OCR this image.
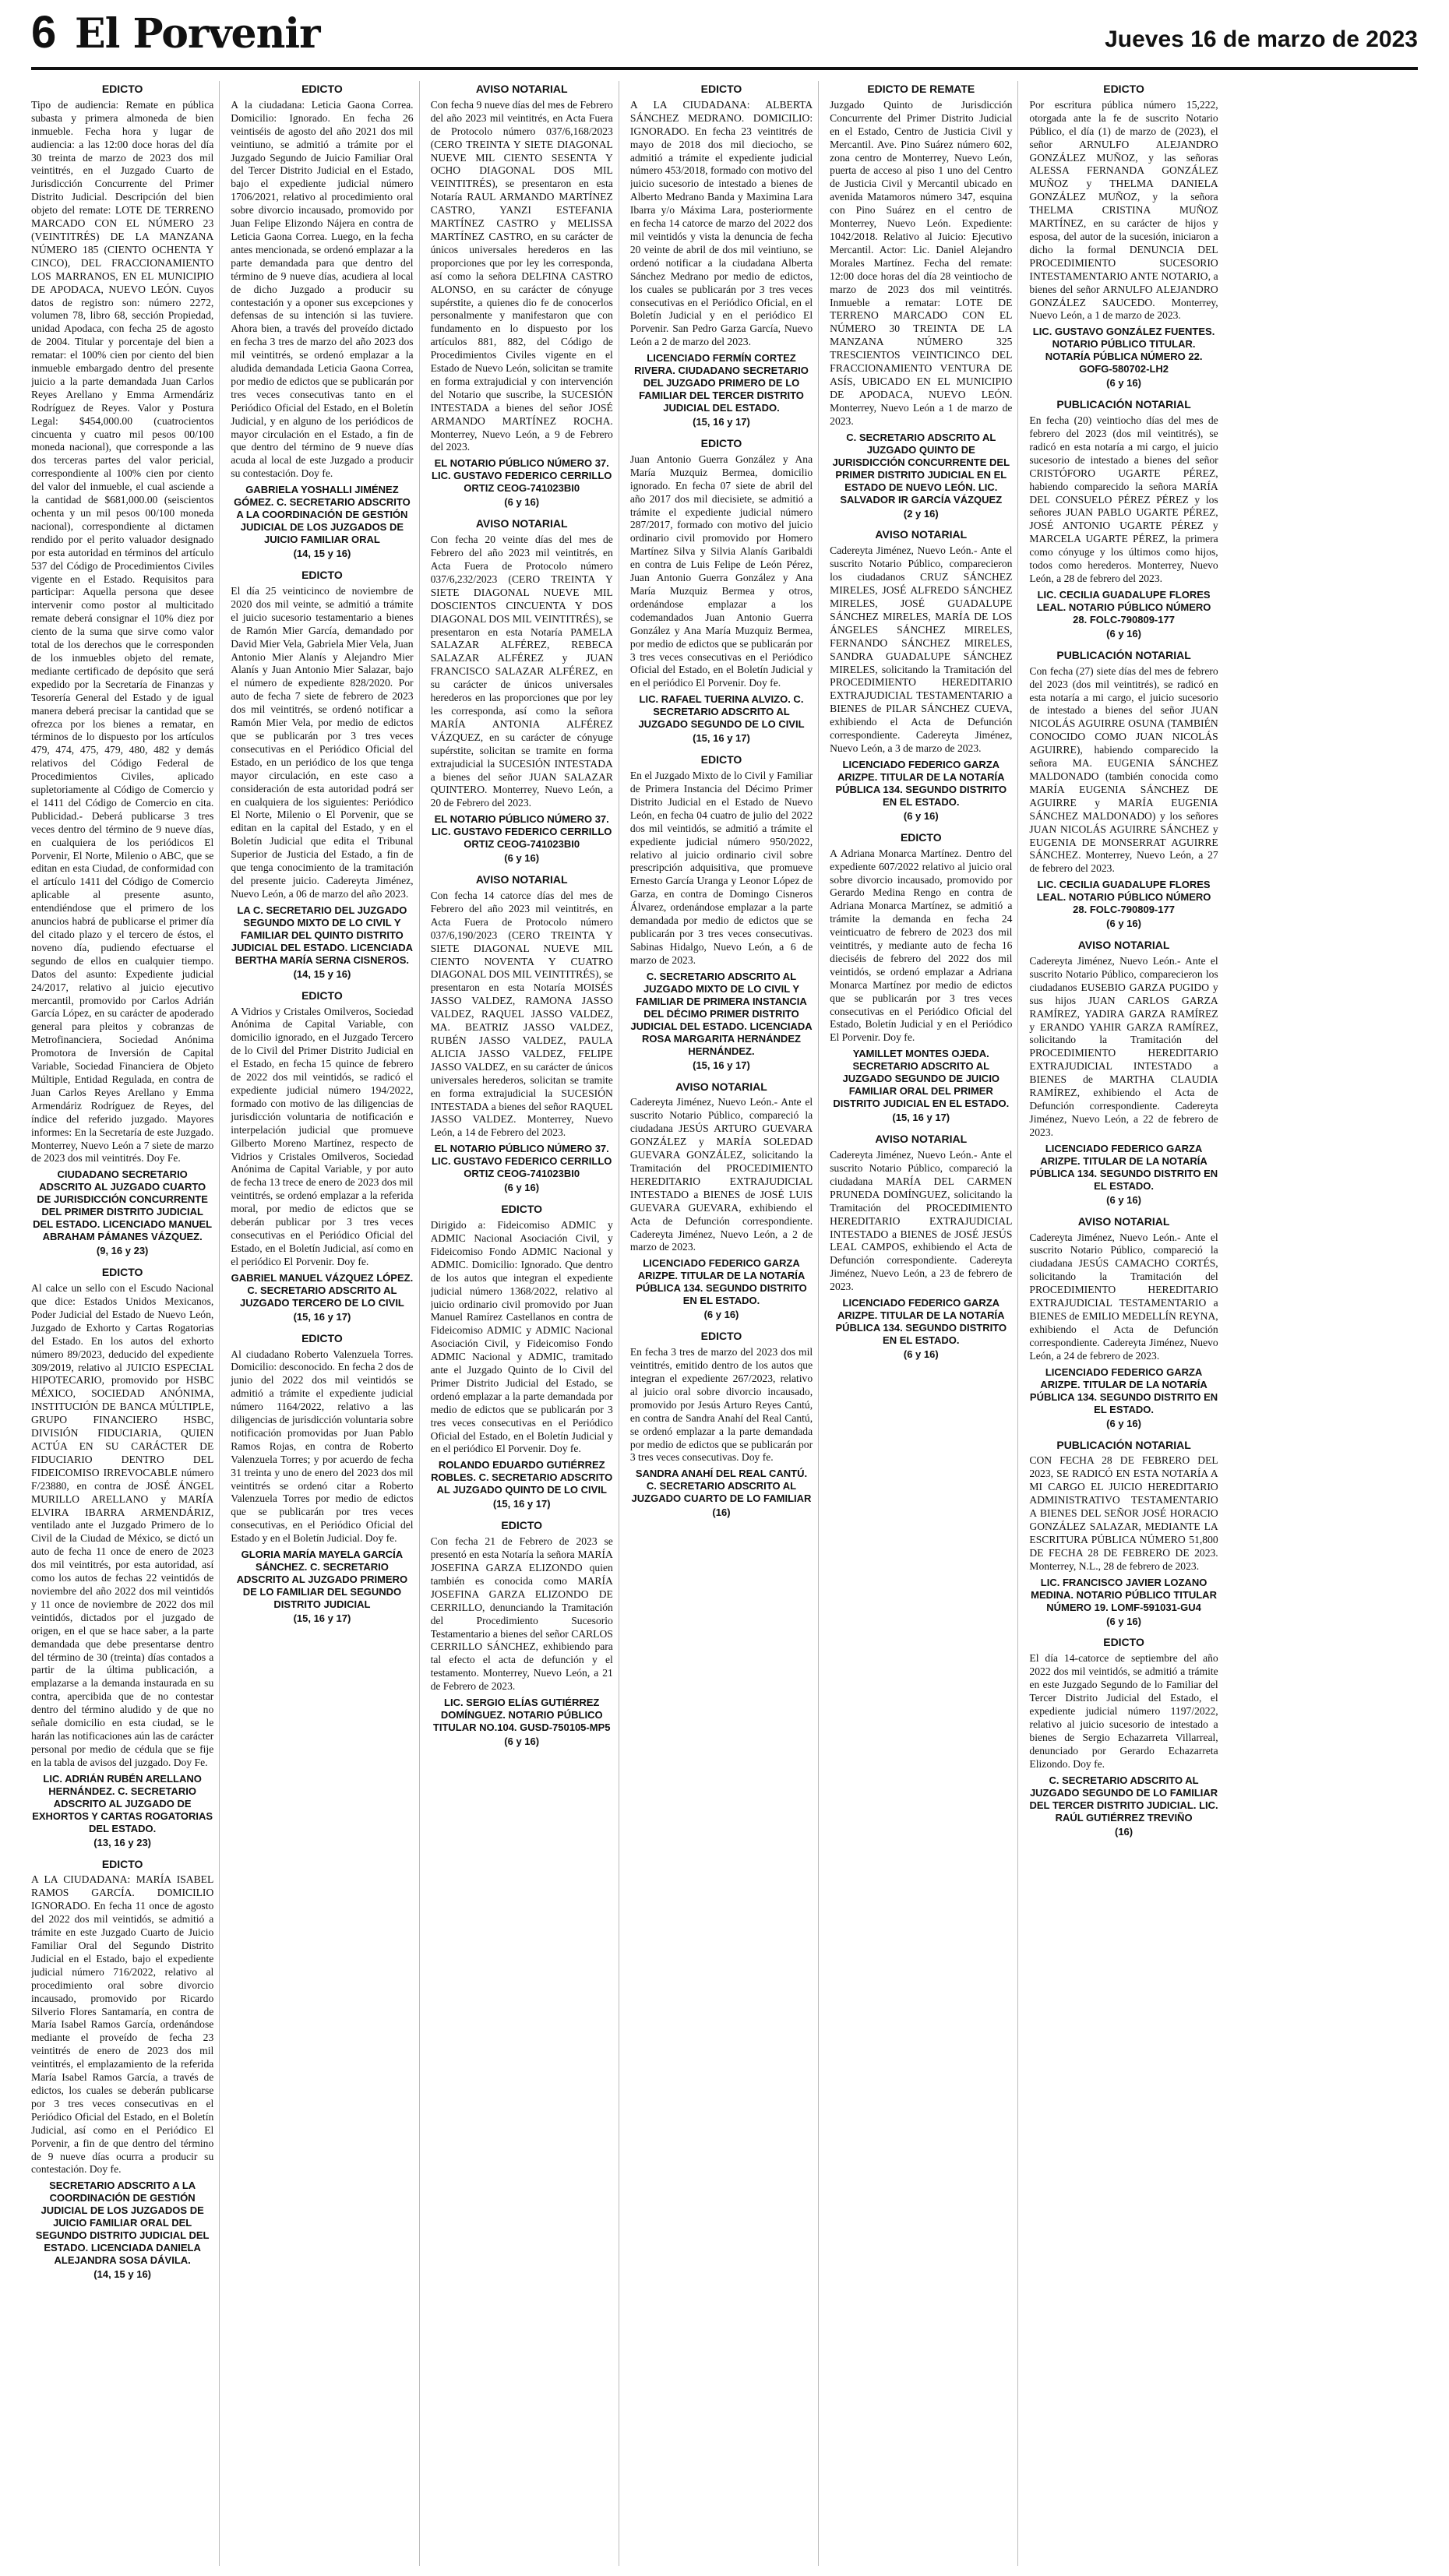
6 El Porvenir	Jueves 16 de marzo de 2023
EDICTO
Tipo de audiencia: Remate en pública subasta y primera almoneda de bien inmueble. Fecha hora y lugar de audiencia: a las 12:00 doce horas del día 30 treinta de marzo de 2023 dos mil veintitrés, en el Juzgado Cuarto de Jurisdicción Concurrente del Primer Distrito Judicial. Descripción del bien objeto del remate: LOTE DE TERRENO MARCADO CON EL NÚMERO 23 (VEINTITRÉS) DE LA MANZANA NÚMERO 185 (CIENTO OCHENTA Y CINCO), DEL FRACCIONAMIENTO LOS MARRANOS, EN EL MUNICIPIO DE APODACA, NUEVO LEÓN. Cuyos datos de registro son: número 2272, volumen 78, libro 68, sección Propiedad, unidad Apodaca, con fecha 25 de agosto de 2004. Titular y porcentaje del bien a rematar: el 100% cien por ciento del bien inmueble embargado dentro del presente juicio a la parte demandada Juan Carlos Reyes Arellano y Emma Armendáriz Rodríguez de Reyes. Valor y Postura Legal: $454,000.00 (cuatrocientos cincuenta y cuatro mil pesos 00/100 moneda nacional), que corresponde a las dos terceras partes del valor pericial, correspondiente al 100% cien por ciento del valor del inmueble, el cual asciende a la cantidad de $681,000.00 (seiscientos ochenta y un mil pesos 00/100 moneda nacional), correspondiente al dictamen rendido por el perito valuador designado por esta autoridad en términos del artículo 537 del Código de Procedimientos Civiles vigente en el Estado. Requisitos para participar: Aquella persona que desee intervenir como postor al multicitado remate deberá consignar el 10% diez por ciento de la suma que sirve como valor total de los derechos que le corresponden de los inmuebles objeto del remate, mediante certificado de depósito que será expedido por la Secretaría de Finanzas y Tesorería General del Estado y de igual manera deberá precisar la cantidad que se ofrezca por los bienes a rematar, en términos de lo dispuesto por los artículos 479, 474, 475, 479, 480, 482 y demás relativos del Código Federal de Procedimientos Civiles, aplicado supletoriamente al Código de Comercio y el 1411 del Código de Comercio en cita. Publicidad.- Deberá publicarse 3 tres veces dentro del término de 9 nueve días, en cualquiera de los periódicos El Porvenir, El Norte, Milenio o ABC, que se editan en esta Ciudad, de conformidad con el artículo 1411 del Código de Comercio aplicable al presente asunto, entendiéndose que el primero de los anuncios habrá de publicarse el primer día del citado plazo y el tercero de éstos, el noveno día, pudiendo efectuarse el segundo de ellos en cualquier tiempo. Datos del asunto: Expediente judicial 24/2017, relativo al juicio ejecutivo mercantil, promovido por Carlos Adrián García López, en su carácter de apoderado general para pleitos y cobranzas de Metrofinanciera, Sociedad Anónima Promotora de Inversión de Capital Variable, Sociedad Financiera de Objeto Múltiple, Entidad Regulada, en contra de Juan Carlos Reyes Arellano y Emma Armendáriz Rodríguez de Reyes, del índice del referido juzgado. Mayores informes: En la Secretaría de este Juzgado. Monterrey, Nuevo León a 7 siete de marzo de 2023 dos mil veintitrés. Doy Fe.
CIUDADANO SECRETARIO ADSCRITO AL JUZGADO CUARTO DE JURISDICCIÓN CONCURRENTE DEL PRIMER DISTRITO JUDICIAL DEL ESTADO. LICENCIADO MANUEL ABRAHAM PÁMANES VÁZQUEZ.
(9, 16 y 23)
EDICTO
Al calce un sello con el Escudo Nacional que dice: Estados Unidos Mexicanos, Poder Judicial del Estado de Nuevo León, Juzgado de Exhorto y Cartas Rogatorias del Estado. En los autos del exhorto número 89/2023, deducido del expediente 309/2019, relativo al JUICIO ESPECIAL HIPOTECARIO, promovido por HSBC MÉXICO, SOCIEDAD ANÓNIMA, INSTITUCIÓN DE BANCA MÚLTIPLE, GRUPO FINANCIERO HSBC, DIVISIÓN FIDUCIARIA, QUIEN ACTÚA EN SU CARÁCTER DE FIDUCIARIO DENTRO DEL FIDEICOMISO IRREVOCABLE número F/23880, en contra de JOSÉ ÁNGEL MURILLO ARELLANO y MARÍA ELVIRA IBARRA ARMENDÁRIZ, ventilado ante el Juzgado Primero de lo Civil de la Ciudad de México, se dictó un auto de fecha 11 once de enero de 2023 dos mil veintitrés, por esta autoridad, así como los autos de fechas 22 veintidós de noviembre del año 2022 dos mil veintidós y 11 once de noviembre de 2022 dos mil veintidós, dictados por el juzgado de origen, en el que se hace saber, a la parte demandada que debe presentarse dentro del término de 30 (treinta) días contados a partir de la última publicación, a emplazarse a la demanda instaurada en su contra, apercibida que de no contestar dentro del término aludido y de que no señale domicilio en esta ciudad, se le harán las notificaciones aún las de carácter personal por medio de cédula que se fije en la tabla de avisos del juzgado. Doy Fe.
LIC. ADRIÁN RUBÉN ARELLANO HERNÁNDEZ. C. SECRETARIO ADSCRITO AL JUZGADO DE EXHORTOS Y CARTAS ROGATORIAS DEL ESTADO.
(13, 16 y 23)
EDICTO
A LA CIUDADANA: MARÍA ISABEL RAMOS GARCÍA. DOMICILIO IGNORADO. En fecha 11 once de agosto del 2022 dos mil veintidós, se admitió a trámite en este Juzgado Cuarto de Juicio Familiar Oral del Segundo Distrito Judicial en el Estado, bajo el expediente judicial número 716/2022, relativo al procedimiento oral sobre divorcio incausado, promovido por Ricardo Silverio Flores Santamaría, en contra de María Isabel Ramos García, ordenándose mediante el proveído de fecha 23 veintitrés de enero de 2023 dos mil veintitrés, el emplazamiento de la referida María Isabel Ramos García, a través de edictos, los cuales se deberán publicarse por 3 tres veces consecutivas en el Periódico Oficial del Estado, en el Boletín Judicial, así como en el Periódico El Porvenir, a fin de que dentro del término de 9 nueve días ocurra a producir su contestación. Doy fe.
SECRETARIO ADSCRITO A LA COORDINACIÓN DE GESTIÓN JUDICIAL DE LOS JUZGADOS DE JUICIO FAMILIAR ORAL DEL SEGUNDO DISTRITO JUDICIAL DEL ESTADO. LICENCIADA DANIELA ALEJANDRA SOSA DÁVILA.
(14, 15 y 16)
EDICTO
A la ciudadana: Leticia Gaona Correa. Domicilio: Ignorado. En fecha 26 veintiséis de agosto del año 2021 dos mil veintiuno, se admitió a trámite por el Juzgado Segundo de Juicio Familiar Oral del Tercer Distrito Judicial en el Estado, bajo el expediente judicial número 1706/2021, relativo al procedimiento oral sobre divorcio incausado, promovido por Juan Felipe Elizondo Nájera en contra de Leticia Gaona Correa. Luego, en la fecha antes mencionada, se ordenó emplazar a la parte demandada para que dentro del término de 9 nueve días, acudiera al local de dicho Juzgado a producir su contestación y a oponer sus excepciones y defensas de su intención si las tuviere. Ahora bien, a través del proveído dictado en fecha 3 tres de marzo del año 2023 dos mil veintitrés, se ordenó emplazar a la aludida demandada Leticia Gaona Correa, por medio de edictos que se publicarán por tres veces consecutivas tanto en el Periódico Oficial del Estado, en el Boletín Judicial, y en alguno de los periódicos de mayor circulación en el Estado, a fin de que dentro del término de 9 nueve días acuda al local de este Juzgado a producir su contestación. Doy fe.
GABRIELA YOSHALLI JIMÉNEZ GÓMEZ. C. SECRETARIO ADSCRITO A LA COORDINACIÓN DE GESTIÓN JUDICIAL DE LOS JUZGADOS DE JUICIO FAMILIAR ORAL
(14, 15 y 16)
EDICTO
El día 25 veinticinco de noviembre de 2020 dos mil veinte, se admitió a trámite el juicio sucesorio testamentario a bienes de Ramón Mier García, demandado por David Mier Vela, Gabriela Mier Vela, Juan Antonio Mier Alanís y Alejandro Mier Alanís y Juan Antonio Mier Salazar, bajo el número de expediente 828/2020. Por auto de fecha 7 siete de febrero de 2023 dos mil veintitrés, se ordenó notificar a Ramón Mier Vela, por medio de edictos que se publicarán por 3 tres veces consecutivas en el Periódico Oficial del Estado, en un periódico de los que tenga mayor circulación, en este caso a consideración de esta autoridad podrá ser en cualquiera de los siguientes: Periódico El Norte, Milenio o El Porvenir, que se editan en la capital del Estado, y en el Boletín Judicial que edita el Tribunal Superior de Justicia del Estado, a fin de que tenga conocimiento de la tramitación del presente juicio. Cadereyta Jiménez, Nuevo León, a 06 de marzo del año 2023.
LA C. SECRETARIO DEL JUZGADO SEGUNDO MIXTO DE LO CIVIL Y FAMILIAR DEL QUINTO DISTRITO JUDICIAL DEL ESTADO. LICENCIADA BERTHA MARÍA SERNA CISNEROS.
(14, 15 y 16)
EDICTO
A Vidrios y Cristales Omilveros, Sociedad Anónima de Capital Variable, con domicilio ignorado, en el Juzgado Tercero de lo Civil del Primer Distrito Judicial en el Estado, en fecha 15 quince de febrero de 2022 dos mil veintidós, se radicó el expediente judicial número 194/2022, formado con motivo de las diligencias de jurisdicción voluntaria de notificación e interpelación judicial que promueve Gilberto Moreno Martínez, respecto de Vidrios y Cristales Omilveros, Sociedad Anónima de Capital Variable, y por auto de fecha 13 trece de enero de 2023 dos mil veintitrés, se ordenó emplazar a la referida moral, por medio de edictos que se deberán publicar por 3 tres veces consecutivas en el Periódico Oficial del Estado, en el Boletín Judicial, así como en el periódico El Porvenir. Doy fe.
GABRIEL MANUEL VÁZQUEZ LÓPEZ. C. SECRETARIO ADSCRITO AL JUZGADO TERCERO DE LO CIVIL
(15, 16 y 17)
EDICTO
Al ciudadano Roberto Valenzuela Torres. Domicilio: desconocido. En fecha 2 dos de junio del 2022 dos mil veintidós se admitió a trámite el expediente judicial número 1164/2022, relativo a las diligencias de jurisdicción voluntaria sobre notificación promovidas por Juan Pablo Ramos Rojas, en contra de Roberto Valenzuela Torres; y por acuerdo de fecha 31 treinta y uno de enero del 2023 dos mil veintitrés se ordenó citar a Roberto Valenzuela Torres por medio de edictos que se publicarán por tres veces consecutivas, en el Periódico Oficial del Estado y en el Boletín Judicial. Doy fe.
GLORIA MARÍA MAYELA GARCÍA SÁNCHEZ. C. SECRETARIO ADSCRITO AL JUZGADO PRIMERO DE LO FAMILIAR DEL SEGUNDO DISTRITO JUDICIAL
(15, 16 y 17)
AVISO NOTARIAL
Con fecha 9 nueve días del mes de Febrero del año 2023 mil veintitrés, en Acta Fuera de Protocolo número 037/6,168/2023 (CERO TREINTA Y SIETE DIAGONAL NUEVE MIL CIENTO SESENTA Y OCHO DIAGONAL DOS MIL VEINTITRÉS), se presentaron en esta Notaría RAUL ARMANDO MARTÍNEZ CASTRO, YANZI ESTEFANIA MARTÍNEZ CASTRO y MELISSA MARTÍNEZ CASTRO, en su carácter de únicos universales herederos en las proporciones que por ley les corresponda, así como la señora DELFINA CASTRO ALONSO, en su carácter de cónyuge supérstite, a quienes dio fe de conocerlos personalmente y manifestaron que con fundamento en lo dispuesto por los artículos 881, 882, del Código de Procedimientos Civiles vigente en el Estado de Nuevo León, solicitan se tramite en forma extrajudicial y con intervención del Notario que suscribe, la SUCESIÓN INTESTADA a bienes del señor JOSÉ ARMANDO MARTÍNEZ ROCHA. Monterrey, Nuevo León, a 9 de Febrero del 2023.
EL NOTARIO PÚBLICO NÚMERO 37. LIC. GUSTAVO FEDERICO CERRILLO ORTIZ CEOG-741023BI0
(6 y 16)
AVISO NOTARIAL
Con fecha 20 veinte días del mes de Febrero del año 2023 mil veintitrés, en Acta Fuera de Protocolo número 037/6,232/2023 (CERO TREINTA Y SIETE DIAGONAL NUEVE MIL DOSCIENTOS CINCUENTA Y DOS DIAGONAL DOS MIL VEINTITRÉS), se presentaron en esta Notaría PAMELA SALAZAR ALFÉREZ, REBECA SALAZAR ALFÉREZ y JUAN FRANCISCO SALAZAR ALFÉREZ, en su carácter de únicos universales herederos en las proporciones que por ley les corresponda, así como la señora MARÍA ANTONIA ALFÉREZ VÁZQUEZ, en su carácter de cónyuge supérstite, solicitan se tramite en forma extrajudicial la SUCESIÓN INTESTADA a bienes del señor JUAN SALAZAR QUINTERO. Monterrey, Nuevo León, a 20 de Febrero del 2023.
EL NOTARIO PÚBLICO NÚMERO 37. LIC. GUSTAVO FEDERICO CERRILLO ORTIZ CEOG-741023BI0
(6 y 16)
AVISO NOTARIAL
Con fecha 14 catorce días del mes de Febrero del año 2023 mil veintitrés, en Acta Fuera de Protocolo número 037/6,190/2023 (CERO TREINTA Y SIETE DIAGONAL NUEVE MIL CIENTO NOVENTA Y CUATRO DIAGONAL DOS MIL VEINTITRÉS), se presentaron en esta Notaría MOISÉS JASSO VALDEZ, RAMONA JASSO VALDEZ, RAQUEL JASSO VALDEZ, MA. BEATRIZ JASSO VALDEZ, RUBÉN JASSO VALDEZ, PAULA ALICIA JASSO VALDEZ, FELIPE JASSO VALDEZ, en su carácter de únicos universales herederos, solicitan se tramite en forma extrajudicial la SUCESIÓN INTESTADA a bienes del señor RAQUEL JASSO VALDEZ. Monterrey, Nuevo León, a 14 de Febrero del 2023.
EL NOTARIO PÚBLICO NÚMERO 37. LIC. GUSTAVO FEDERICO CERRILLO ORTIZ CEOG-741023BI0
(6 y 16)
EDICTO
Dirigido a: Fideicomiso ADMIC y ADMIC Nacional Asociación Civil, y Fideicomiso Fondo ADMIC Nacional y ADMIC. Domicilio: Ignorado. Que dentro de los autos que integran el expediente judicial número 1368/2022, relativo al juicio ordinario civil promovido por Juan Manuel Ramírez Castellanos en contra de Fideicomiso ADMIC y ADMIC Nacional Asociación Civil, y Fideicomiso Fondo ADMIC Nacional y ADMIC, tramitado ante el Juzgado Quinto de lo Civil del Primer Distrito Judicial del Estado, se ordenó emplazar a la parte demandada por medio de edictos que se publicarán por 3 tres veces consecutivas en el Periódico Oficial del Estado, en el Boletín Judicial y en el periódico El Porvenir. Doy fe.
ROLANDO EDUARDO GUTIÉRREZ ROBLES. C. SECRETARIO ADSCRITO AL JUZGADO QUINTO DE LO CIVIL
(15, 16 y 17)
EDICTO
Con fecha 21 de Febrero de 2023 se presentó en esta Notaría la señora MARÍA JOSEFINA GARZA ELIZONDO quien también es conocida como MARÍA JOSEFINA GARZA ELIZONDO DE CERRILLO, denunciando la Tramitación del Procedimiento Sucesorio Testamentario a bienes del señor CARLOS CERRILLO SÁNCHEZ, exhibiendo para tal efecto el acta de defunción y el testamento. Monterrey, Nuevo León, a 21 de Febrero de 2023.
LIC. SERGIO ELÍAS GUTIÉRREZ DOMÍNGUEZ. NOTARIO PÚBLICO TITULAR NO.104. GUSD-750105-MP5
(6 y 16)
EDICTO
A LA CIUDADANA: ALBERTA SÁNCHEZ MEDRANO. DOMICILIO: IGNORADO. En fecha 23 veintitrés de mayo de 2018 dos mil dieciocho, se admitió a trámite el expediente judicial número 453/2018, formado con motivo del juicio sucesorio de intestado a bienes de Alberto Medrano Banda y Maximina Lara Ibarra y/o Máxima Lara, posteriormente en fecha 14 catorce de marzo del 2022 dos mil veintidós y vista la denuncia de fecha 20 veinte de abril de dos mil veintiuno, se ordenó notificar a la ciudadana Alberta Sánchez Medrano por medio de edictos, los cuales se publicarán por 3 tres veces consecutivas en el Periódico Oficial, en el Boletín Judicial y en el periódico El Porvenir. San Pedro Garza García, Nuevo León a 2 de marzo del 2023.
LICENCIADO FERMÍN CORTEZ RIVERA. CIUDADANO SECRETARIO DEL JUZGADO PRIMERO DE LO FAMILIAR DEL TERCER DISTRITO JUDICIAL DEL ESTADO.
(15, 16 y 17)
EDICTO
Juan Antonio Guerra González y Ana María Muzquiz Bermea, domicilio ignorado. En fecha 07 siete de abril del año 2017 dos mil diecisiete, se admitió a trámite el expediente judicial número 287/2017, formado con motivo del juicio ordinario civil promovido por Homero Martínez Silva y Silvia Alanís Garibaldi en contra de Luis Felipe de León Pérez, Juan Antonio Guerra González y Ana María Muzquiz Bermea y otros, ordenándose emplazar a los codemandados Juan Antonio Guerra González y Ana María Muzquiz Bermea, por medio de edictos que se publicarán por 3 tres veces consecutivas en el Periódico Oficial del Estado, en el Boletín Judicial y en el periódico El Porvenir. Doy fe.
LIC. RAFAEL TUERINA ALVIZO. C. SECRETARIO ADSCRITO AL JUZGADO SEGUNDO DE LO CIVIL
(15, 16 y 17)
EDICTO
En el Juzgado Mixto de lo Civil y Familiar de Primera Instancia del Décimo Primer Distrito Judicial en el Estado de Nuevo León, en fecha 04 cuatro de julio del 2022 dos mil veintidós, se admitió a trámite el expediente judicial número 950/2022, relativo al juicio ordinario civil sobre prescripción adquisitiva, que promueve Ernesto García Uranga y Leonor López de Garza, en contra de Domingo Cisneros Álvarez, ordenándose emplazar a la parte demandada por medio de edictos que se publicarán por 3 tres veces consecutivas. Sabinas Hidalgo, Nuevo León, a 6 de marzo de 2023.
C. SECRETARIO ADSCRITO AL JUZGADO MIXTO DE LO CIVIL Y FAMILIAR DE PRIMERA INSTANCIA DEL DÉCIMO PRIMER DISTRITO JUDICIAL DEL ESTADO. LICENCIADA ROSA MARGARITA HERNÁNDEZ HERNÁNDEZ.
(15, 16 y 17)
AVISO NOTARIAL
Cadereyta Jiménez, Nuevo León.- Ante el suscrito Notario Público, compareció la ciudadana JESÚS ARTURO GUEVARA GONZÁLEZ y MARÍA SOLEDAD GUEVARA GONZÁLEZ, solicitando la Tramitación del PROCEDIMIENTO HEREDITARIO EXTRAJUDICIAL INTESTADO a BIENES de JOSÉ LUIS GUEVARA GUEVARA, exhibiendo el Acta de Defunción correspondiente. Cadereyta Jiménez, Nuevo León, a 2 de marzo de 2023.
LICENCIADO FEDERICO GARZA ARIZPE. TITULAR DE LA NOTARÍA PÚBLICA 134. SEGUNDO DISTRITO EN EL ESTADO.
(6 y 16)
EDICTO
En fecha 3 tres de marzo del 2023 dos mil veintitrés, emitido dentro de los autos que integran el expediente 267/2023, relativo al juicio oral sobre divorcio incausado, promovido por Jesús Arturo Reyes Cantú, en contra de Sandra Anahí del Real Cantú, se ordenó emplazar a la parte demandada por medio de edictos que se publicarán por 3 tres veces consecutivas. Doy fe.
SANDRA ANAHÍ DEL REAL CANTÚ. C. SECRETARIO ADSCRITO AL JUZGADO CUARTO DE LO FAMILIAR
(16)
EDICTO DE REMATE
Juzgado Quinto de Jurisdicción Concurrente del Primer Distrito Judicial en el Estado, Centro de Justicia Civil y Mercantil. Ave. Pino Suárez número 602, zona centro de Monterrey, Nuevo León, puerta de acceso al piso 1 uno del Centro de Justicia Civil y Mercantil ubicado en avenida Matamoros número 347, esquina con Pino Suárez en el centro de Monterrey, Nuevo León. Expediente: 1042/2018. Relativo al Juicio: Ejecutivo Mercantil. Actor: Lic. Daniel Alejandro Morales Martínez. Fecha del remate: 12:00 doce horas del día 28 veintiocho de marzo de 2023 dos mil veintitrés. Inmueble a rematar: LOTE DE TERRENO MARCADO CON EL NÚMERO 30 TREINTA DE LA MANZANA NÚMERO 325 TRESCIENTOS VEINTICINCO DEL FRACCIONAMIENTO VENTURA DE ASÍS, UBICADO EN EL MUNICIPIO DE APODACA, NUEVO LEÓN. Monterrey, Nuevo León a 1 de marzo de 2023.
C. SECRETARIO ADSCRITO AL JUZGADO QUINTO DE JURISDICCIÓN CONCURRENTE DEL PRIMER DISTRITO JUDICIAL EN EL ESTADO DE NUEVO LEÓN. LIC. SALVADOR IR GARCÍA VÁZQUEZ
(2 y 16)
AVISO NOTARIAL
Cadereyta Jiménez, Nuevo León.- Ante el suscrito Notario Público, comparecieron los ciudadanos CRUZ SÁNCHEZ MIRELES, JOSÉ ALFREDO SÁNCHEZ MIRELES, JOSÉ GUADALUPE SÁNCHEZ MIRELES, MARÍA DE LOS ÁNGELES SÁNCHEZ MIRELES, FERNANDO SÁNCHEZ MIRELES, SANDRA GUADALUPE SÁNCHEZ MIRELES, solicitando la Tramitación del PROCEDIMIENTO HEREDITARIO EXTRAJUDICIAL TESTAMENTARIO a BIENES de PILAR SÁNCHEZ CUEVA, exhibiendo el Acta de Defunción correspondiente. Cadereyta Jiménez, Nuevo León, a 3 de marzo de 2023.
LICENCIADO FEDERICO GARZA ARIZPE. TITULAR DE LA NOTARÍA PÚBLICA 134. SEGUNDO DISTRITO EN EL ESTADO.
(6 y 16)
EDICTO
A Adriana Monarca Martínez. Dentro del expediente 607/2022 relativo al juicio oral sobre divorcio incausado, promovido por Gerardo Medina Rengo en contra de Adriana Monarca Martínez, se admitió a trámite la demanda en fecha 24 veinticuatro de febrero de 2023 dos mil veintitrés, y mediante auto de fecha 16 dieciséis de febrero del 2022 dos mil veintidós, se ordenó emplazar a Adriana Monarca Martínez por medio de edictos que se publicarán por 3 tres veces consecutivas en el Periódico Oficial del Estado, Boletín Judicial y en el Periódico El Porvenir. Doy fe.
YAMILLET MONTES OJEDA. SECRETARIO ADSCRITO AL JUZGADO SEGUNDO DE JUICIO FAMILIAR ORAL DEL PRIMER DISTRITO JUDICIAL EN EL ESTADO.
(15, 16 y 17)
AVISO NOTARIAL
Cadereyta Jiménez, Nuevo León.- Ante el suscrito Notario Público, compareció la ciudadana MARÍA DEL CARMEN PRUNEDA DOMÍNGUEZ, solicitando la Tramitación del PROCEDIMIENTO HEREDITARIO EXTRAJUDICIAL INTESTADO a BIENES de JOSÉ JESÚS LEAL CAMPOS, exhibiendo el Acta de Defunción correspondiente. Cadereyta Jiménez, Nuevo León, a 23 de febrero de 2023.
LICENCIADO FEDERICO GARZA ARIZPE. TITULAR DE LA NOTARÍA PÚBLICA 134. SEGUNDO DISTRITO EN EL ESTADO.
(6 y 16)
EDICTO
Por escritura pública número 15,222, otorgada ante la fe de suscrito Notario Público, el día (1) de marzo de (2023), el señor ARNULFO ALEJANDRO GONZÁLEZ MUÑOZ, y las señoras ALESSA FERNANDA GONZÁLEZ MUÑOZ y THELMA DANIELA GONZÁLEZ MUÑOZ, y la señora THELMA CRISTINA MUÑOZ MARTÍNEZ, en su carácter de hijos y esposa, del autor de la sucesión, iniciaron a dicho la formal DENUNCIA DEL PROCEDIMIENTO SUCESORIO INTESTAMENTARIO ANTE NOTARIO, a bienes del señor ARNULFO ALEJANDRO GONZÁLEZ SAUCEDO. Monterrey, Nuevo León, a 1 de marzo de 2023.
LIC. GUSTAVO GONZÁLEZ FUENTES. NOTARIO PÚBLICO TITULAR. NOTARÍA PÚBLICA NÚMERO 22. GOFG-580702-LH2
(6 y 16)
PUBLICACIÓN NOTARIAL
En fecha (20) veintiocho días del mes de febrero del 2023 (dos mil veintitrés), se radicó en esta notaría a mi cargo, el juicio sucesorio de intestado a bienes del señor CRISTÓFORO UGARTE PÉREZ, habiendo comparecido la señora MARÍA DEL CONSUELO PÉREZ PÉREZ y los señores JUAN PABLO UGARTE PÉREZ, JOSÉ ANTONIO UGARTE PÉREZ y MARCELA UGARTE PÉREZ, la primera como cónyuge y los últimos como hijos, todos como herederos. Monterrey, Nuevo León, a 28 de febrero del 2023.
LIC. CECILIA GUADALUPE FLORES LEAL. NOTARIO PÚBLICO NÚMERO 28. FOLC-790809-177
(6 y 16)
PUBLICACIÓN NOTARIAL
Con fecha (27) siete días del mes de febrero del 2023 (dos mil veintitrés), se radicó en esta notaría a mi cargo, el juicio sucesorio de intestado a bienes del señor JUAN NICOLÁS AGUIRRE OSUNA (TAMBIÉN CONOCIDO COMO JUAN NICOLÁS AGUIRRE), habiendo comparecido la señora MA. EUGENIA SÁNCHEZ MALDONADO (también conocida como MARÍA EUGENIA SÁNCHEZ DE AGUIRRE y MARÍA EUGENIA SÁNCHEZ MALDONADO) y los señores JUAN NICOLÁS AGUIRRE SÁNCHEZ y EUGENIA DE MONSERRAT AGUIRRE SÁNCHEZ. Monterrey, Nuevo León, a 27 de febrero del 2023.
LIC. CECILIA GUADALUPE FLORES LEAL. NOTARIO PÚBLICO NÚMERO 28. FOLC-790809-177
(6 y 16)
AVISO NOTARIAL
Cadereyta Jiménez, Nuevo León.- Ante el suscrito Notario Público, comparecieron los ciudadanos EUSEBIO GARZA PUGIDO y sus hijos JUAN CARLOS GARZA RAMÍREZ, YADIRA GARZA RAMÍREZ y ERANDO YAHIR GARZA RAMÍREZ, solicitando la Tramitación del PROCEDIMIENTO HEREDITARIO EXTRAJUDICIAL INTESTADO a BIENES de MARTHA CLAUDIA RAMÍREZ, exhibiendo el Acta de Defunción correspondiente. Cadereyta Jiménez, Nuevo León, a 22 de febrero de 2023.
LICENCIADO FEDERICO GARZA ARIZPE. TITULAR DE LA NOTARÍA PÚBLICA 134. SEGUNDO DISTRITO EN EL ESTADO.
(6 y 16)
AVISO NOTARIAL
Cadereyta Jiménez, Nuevo León.- Ante el suscrito Notario Público, compareció la ciudadana JESÚS CAMACHO CORTÉS, solicitando la Tramitación del PROCEDIMIENTO HEREDITARIO EXTRAJUDICIAL TESTAMENTARIO a BIENES de EMILIO MEDELLÍN REYNA, exhibiendo el Acta de Defunción correspondiente. Cadereyta Jiménez, Nuevo León, a 24 de febrero de 2023.
LICENCIADO FEDERICO GARZA ARIZPE. TITULAR DE LA NOTARÍA PÚBLICA 134. SEGUNDO DISTRITO EN EL ESTADO.
(6 y 16)
PUBLICACIÓN NOTARIAL
CON FECHA 28 DE FEBRERO DEL 2023, SE RADICÓ EN ESTA NOTARÍA A MI CARGO EL JUICIO HEREDITARIO ADMINISTRATIVO TESTAMENTARIO A BIENES DEL SEÑOR JOSÉ HORACIO GONZÁLEZ SALAZAR, MEDIANTE LA ESCRITURA PÚBLICA NÚMERO 51,800 DE FECHA 28 DE FEBRERO DE 2023. Monterrey, N.L., 28 de febrero de 2023.
LIC. FRANCISCO JAVIER LOZANO MEDINA. NOTARIO PÚBLICO TITULAR NÚMERO 19. LOMF-591031-GU4
(6 y 16)
EDICTO
El día 14-catorce de septiembre del año 2022 dos mil veintidós, se admitió a trámite en este Juzgado Segundo de lo Familiar del Tercer Distrito Judicial del Estado, el expediente judicial número 1197/2022, relativo al juicio sucesorio de intestado a bienes de Sergio Echazarreta Villarreal, denunciado por Gerardo Echazarreta Elizondo. Doy fe.
C. SECRETARIO ADSCRITO AL JUZGADO SEGUNDO DE LO FAMILIAR DEL TERCER DISTRITO JUDICIAL. LIC. RAÚL GUTIÉRREZ TREVIÑO
(16)
